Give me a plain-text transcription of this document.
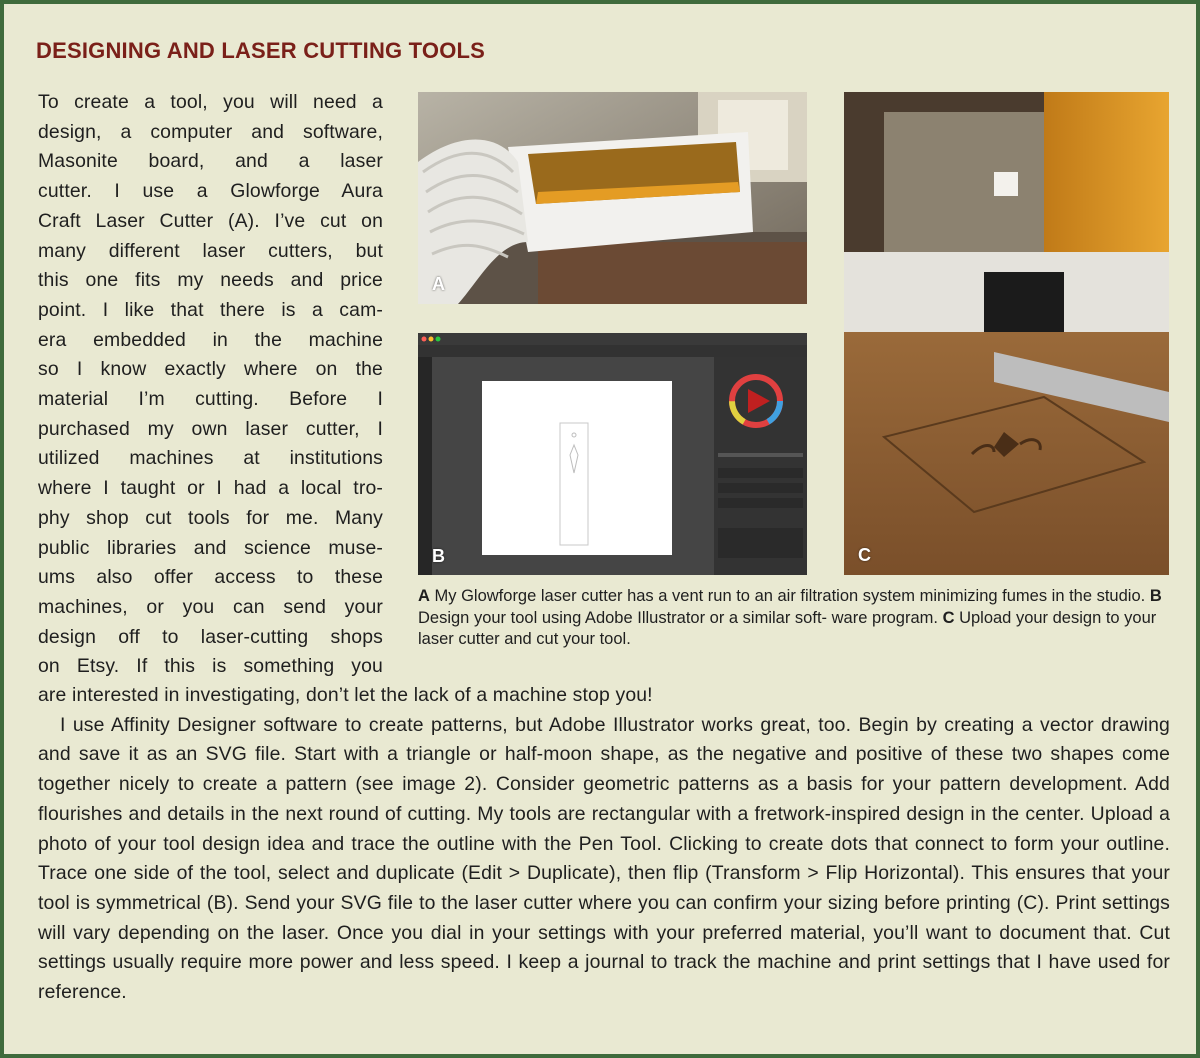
DESIGNING AND LASER CUTTING TOOLS
To create a tool, you will need a
design, a computer and software,
Masonite board, and a laser
cutter. I use a Glowforge Aura
Craft Laser Cutter (A). I’ve cut on
many different laser cutters, but
this one fits my needs and price
point. I like that there is a cam-
era embedded in the machine
so I know exactly where on the
material I’m cutting. Before I
purchased my own laser cutter, I
utilized machines at institutions
where I taught or I had a local tro-
phy shop cut tools for me. Many
public libraries and science muse-
ums also offer access to these
machines, or you can send your
design off to laser-cutting shops
on Etsy. If this is something you
A
B	C
A My Glowforge laser cutter has a vent run to an air filtration system minimizing fumes in the studio. B Design your tool using Adobe Illustrator or a similar soft- ware program. C Upload your design to your laser cutter and cut your tool.

are interested in investigating, don’t let the lack of a machine stop you!

I use Affinity Designer software to create patterns, but Adobe Illustrator works great, too. Begin by creating a vector drawing and save it as an SVG file. Start with a triangle or half-moon shape, as the negative and positive of these two shapes come together nicely to create a pattern (see image 2). Consider geometric patterns as a basis for your pattern development. Add flourishes and details in the next round of cutting. My tools are rectangular with a fretwork-inspired design in the center. Upload a photo of your tool design idea and trace the outline with the Pen Tool. Clicking to create dots that connect to form your outline. Trace one side of the tool, select and duplicate (Edit > Duplicate), then flip (Transform > Flip Horizontal). This ensures that your tool is symmetrical (B). Send your SVG file to the laser cutter where you can confirm your sizing before printing (C). Print settings will vary depending on the laser. Once you dial in your settings with your preferred material, you’ll want to document that. Cut settings usually require more power and less speed. I keep a journal to track the machine and print settings that I have used for reference.
